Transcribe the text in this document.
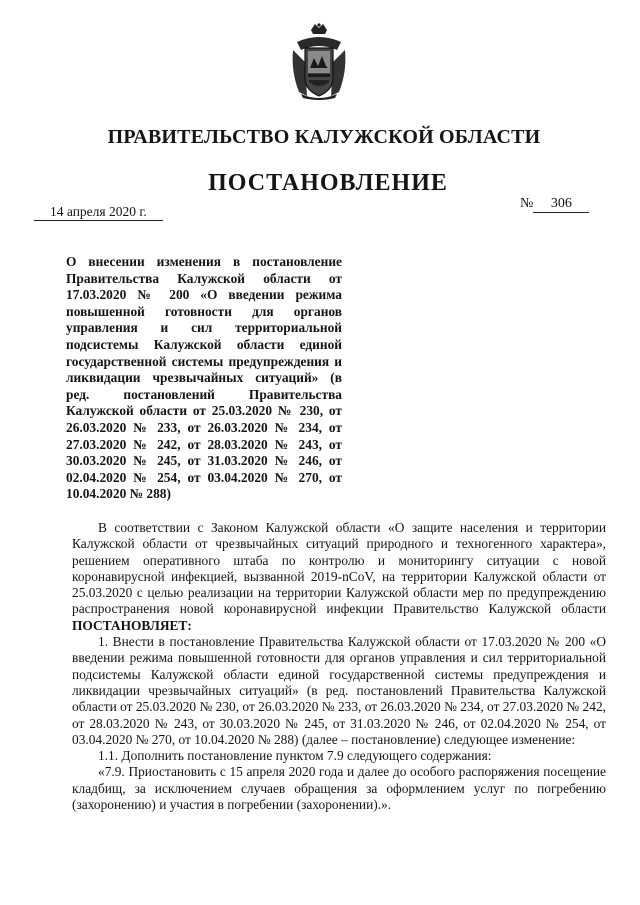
ПРАВИТЕЛЬСТВО КАЛУЖСКОЙ ОБЛАСТИ
ПОСТАНОВЛЕНИЕ
14 апреля 2020 г.
№ 306
О внесении изменения в постановление Правительства Калужской области от 17.03.2020 № 200 «О введении режима повышенной готовности для органов управления и сил территориальной подсистемы Калужской области единой государственной системы предупреждения и ликвидации чрезвычайных ситуаций» (в ред. постановлений Правительства Калужской области от 25.03.2020 № 230, от 26.03.2020 № 233, от 26.03.2020 № 234, от 27.03.2020 № 242, от 28.03.2020 № 243, от 30.03.2020 № 245, от 31.03.2020 № 246, от 02.04.2020 № 254, от 03.04.2020 № 270, от 10.04.2020 № 288)

В соответствии с Законом Калужской области «О защите населения и территории Калужской области от чрезвычайных ситуаций природного и техногенного характера», решением оперативного штаба по контролю и мониторингу ситуации с новой коронавирусной инфекцией, вызванной 2019-nCoV, на территории Калужской области от 25.03.2020 с целью реализации на территории Калужской области мер по предупреждению распространения новой коронавирусной инфекции Правительство Калужской области ПОСТАНОВЛЯЕТ:

1. Внести в постановление Правительства Калужской области от 17.03.2020 № 200 «О введении режима повышенной готовности для органов управления и сил территориальной подсистемы Калужской области единой государственной системы предупреждения и ликвидации чрезвычайных ситуаций» (в ред. постановлений Правительства Калужской области от 25.03.2020 № 230, от 26.03.2020 № 233, от 26.03.2020 № 234, от 27.03.2020 № 242, от 28.03.2020 № 243, от 30.03.2020 № 245, от 31.03.2020 № 246, от 02.04.2020 № 254, от 03.04.2020 № 270, от 10.04.2020 № 288) (далее – постановление) следующее изменение:

1.1. Дополнить постановление пунктом 7.9 следующего содержания:

«7.9. Приостановить с 15 апреля 2020 года и далее до особого распоряжения посещение кладбищ, за исключением случаев обращения за оформлением услуг по погребению (захоронению) и участия в погребении (захоронении).».
